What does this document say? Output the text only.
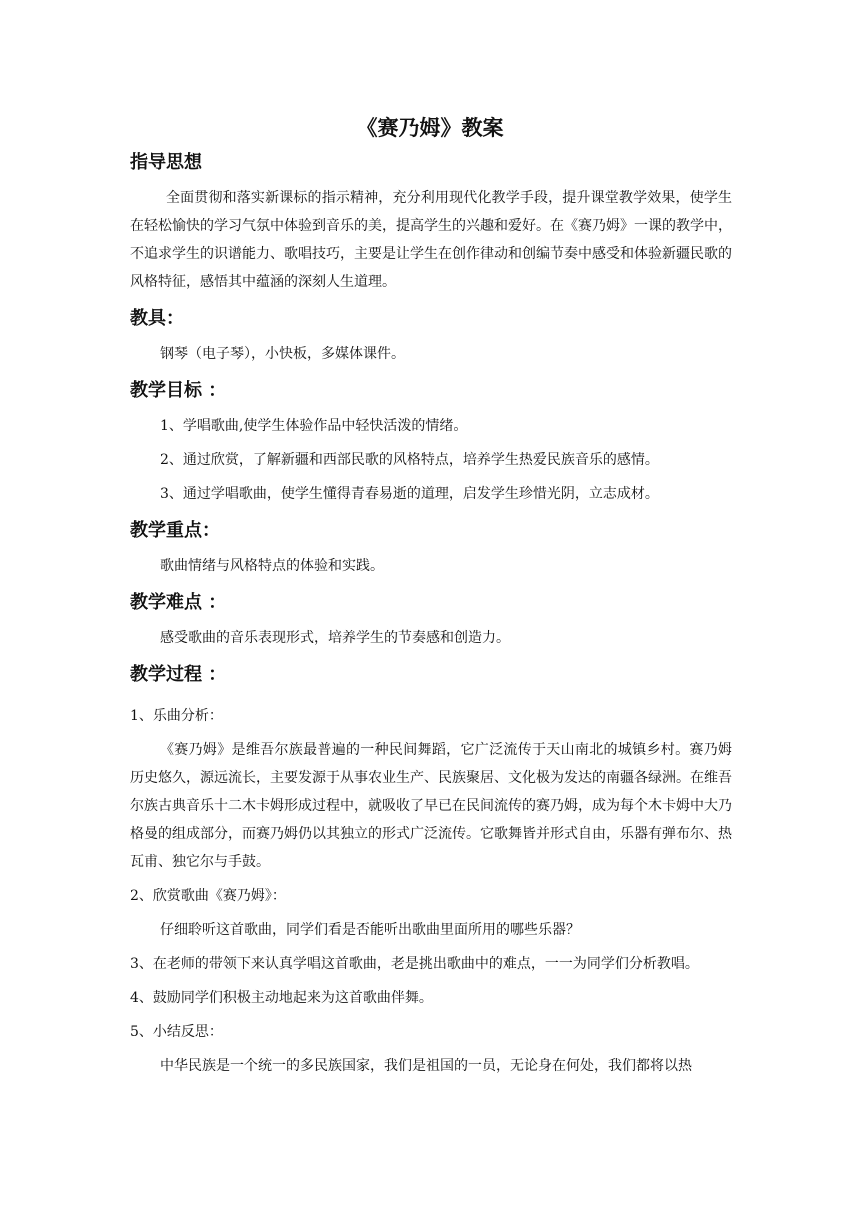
《赛乃姆》教案
指导思想

全面贯彻和落实新课标的指示精神，充分利用现代化教学手段，提升课堂教学效果，使学生在轻松愉快的学习气氛中体验到音乐的美，提高学生的兴趣和爱好。在《赛乃姆》一课的教学中，不追求学生的识谱能力、歌唱技巧，主要是让学生在创作律动和创编节奏中感受和体验新疆民歌的风格特征，感悟其中蕴涵的深刻人生道理。

教具：

钢琴（电子琴），小快板，多媒体课件。

教学目标 ：

1、学唱歌曲,使学生体验作品中轻快活泼的情绪。

2、通过欣赏，了解新疆和西部民歌的风格特点，培养学生热爱民族音乐的感情。

3、通过学唱歌曲，使学生懂得青春易逝的道理，启发学生珍惜光阴，立志成材。

教学重点：

歌曲情绪与风格特点的体验和实践。

教学难点 ：

感受歌曲的音乐表现形式，培养学生的节奏感和创造力。

教学过程 ：

1、乐曲分析：

《赛乃姆》是维吾尔族最普遍的一种民间舞蹈，它广泛流传于天山南北的城镇乡村。赛乃姆历史悠久，源远流长，主要发源于从事农业生产、民族聚居、文化极为发达的南疆各绿洲。在维吾尔族古典音乐十二木卡姆形成过程中，就吸收了早已在民间流传的赛乃姆，成为每个木卡姆中大乃格曼的组成部分，而赛乃姆仍以其独立的形式广泛流传。它歌舞皆并形式自由，乐器有弹布尔、热瓦甫、独它尔与手鼓。

2、欣赏歌曲《赛乃姆》：

仔细聆听这首歌曲，同学们看是否能听出歌曲里面所用的哪些乐器？

3、在老师的带领下来认真学唱这首歌曲，老是挑出歌曲中的难点，一一为同学们分析教唱。

4、鼓励同学们积极主动地起来为这首歌曲伴舞。

5、小结反思：

中华民族是一个统一的多民族国家，我们是祖国的一员，无论身在何处，我们都将以热
